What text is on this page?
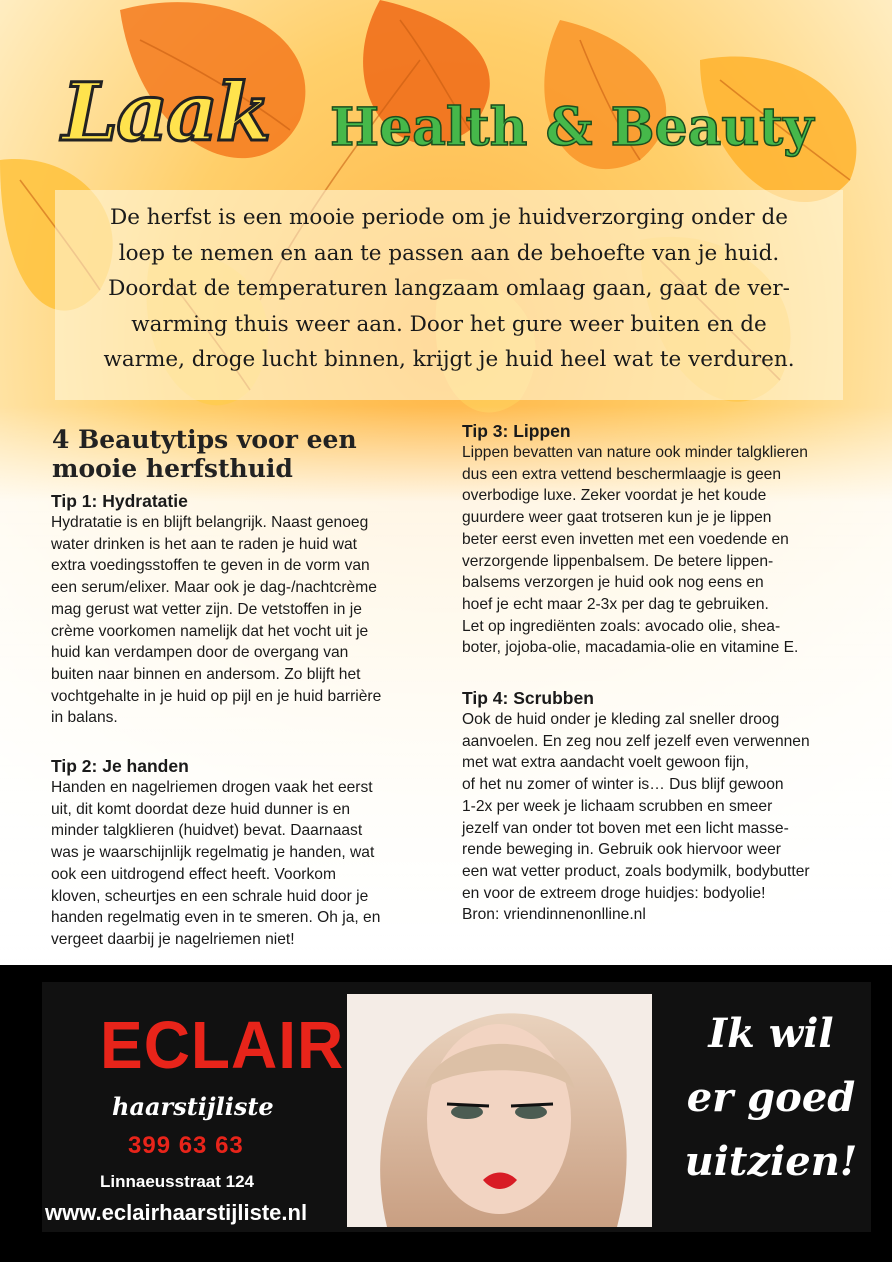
Laak Health & Beauty

De herfst is een mooie periode om je huidverzorging onder de

loep te nemen en aan te passen aan de behoefte van je huid.

Doordat de temperaturen langzaam omlaag gaan, gaat de ver-

warming thuis weer aan. Door het gure weer buiten en de

warme, droge lucht binnen, krijgt je huid heel wat te verduren.

4 Beautytips voor een
mooie herfsthuid
Tip 1: Hydratatie

Hydratatie is en blijft belangrijk. Naast genoeg

water drinken is het aan te raden je huid wat

extra voedingsstoffen te geven in de vorm van

een serum/elixer. Maar ook je dag-/nachtcrème

mag gerust wat vetter zijn. De vetstoffen in je

crème voorkomen namelijk dat het vocht uit je

huid kan verdampen door de overgang van

buiten naar binnen en andersom. Zo blijft het

vochtgehalte in je huid op pijl en je huid barrière

in balans.

Tip 2: Je handen

Handen en nagelriemen drogen vaak het eerst

uit, dit komt doordat deze huid dunner is en

minder talgklieren (huidvet) bevat. Daarnaast

was je waarschijnlijk regelmatig je handen, wat

ook een uitdrogend effect heeft. Voorkom

kloven, scheurtjes en een schrale huid door je

handen regelmatig even in te smeren. Oh ja, en

vergeet daarbij je nagelriemen niet!

Tip 3: Lippen

Lippen bevatten van nature ook minder talgklieren

dus een extra vettend beschermlaagje is geen

overbodige luxe. Zeker voordat je het koude

guurdere weer gaat trotseren kun je je lippen

beter eerst even invetten met een voedende en

verzorgende lippenbalsem. De betere lippen-

balsems verzorgen je huid ook nog eens en

hoef je echt maar 2-3x per dag te gebruiken.

Let op ingrediënten zoals: avocado olie, shea-

boter, jojoba-olie, macadamia-olie en vitamine E.

Tip 4: Scrubben

Ook de huid onder je kleding zal sneller droog

aanvoelen. En zeg nou zelf jezelf even verwennen

met wat extra aandacht voelt gewoon fijn,

of het nu zomer of winter is… Dus blijf gewoon

1-2x per week je lichaam scrubben en smeer

jezelf van onder tot boven met een licht masse-

rende beweging in. Gebruik ook hiervoor weer

een wat vetter product, zoals bodymilk, bodybutter

en voor de extreem droge huidjes: bodyolie!

Bron: vriendinnenonlline.nl

ECLAIR
haarstijliste
399 63 63
Linnaeusstraat 124
www.eclairhaarstijliste.nl
Ik wil
er goed
uitzien!
